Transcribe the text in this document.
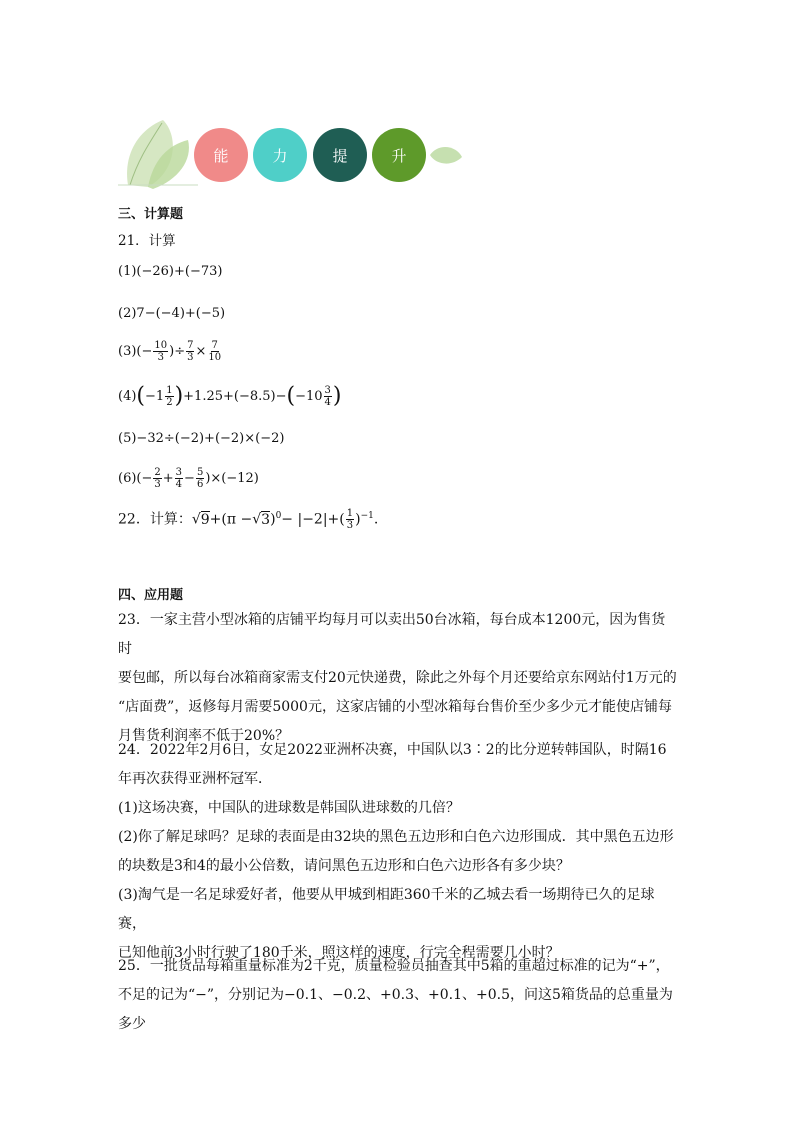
能	力	提	升
三、计算题
21．计算
(1)(−26)+(−73)
(2)7−(−4)+(−5)
$(3)(- \frac{10}{3}$ )÷ $\frac{7}{3} \times \frac{7}{10}$
$(4)(-1 \frac{1}{2} )+1.25+(-8.5)-(-10 \frac{3}{4}$ )
(5)−32÷(−2)+(−2)×(−2)
$(6)(- \frac{2}{3} + \frac{3}{4} - \frac{5}{6} )\times(-12)$
22．计算：$√9+(\pi -√3)^0- |-2|+( \frac{1}{3} )^{-1}$.
四、应用题
23．一家主营小型冰箱的店铺平均每月可以卖出50台冰箱，每台成本1200元，因为售货时
要包邮，所以每台冰箱商家需支付20元快递费，除此之外每个月还要给京东网站付1万元的
“店面费”，返修每月需要5000元，这家店铺的小型冰箱每台售价至少多少元才能使店铺每
月售货利润率不低于20%？
24．2022年2月6日，女足2022亚洲杯决赛，中国队以3∶2的比分逆转韩国队，时隔16
年再次获得亚洲杯冠军．
(1)这场决赛，中国队的进球数是韩国队进球数的几倍？
(2)你了解足球吗？足球的表面是由32块的黑色五边形和白色六边形围成．其中黑色五边形
的块数是3和4的最小公倍数，请问黑色五边形和白色六边形各有多少块？
(3)淘气是一名足球爱好者，他要从甲城到相距360千米的乙城去看一场期待已久的足球赛，
已知他前3小时行驶了180千米，照这样的速度，行完全程需要几小时？
25．一批货品每箱重量标准为2千克，质量检验员抽查其中5箱的重超过标准的记为“+”，
不足的记为“−”，分别记为−0.1、−0.2、+0.3、+0.1、+0.5，问这5箱货品的总重量为多少
